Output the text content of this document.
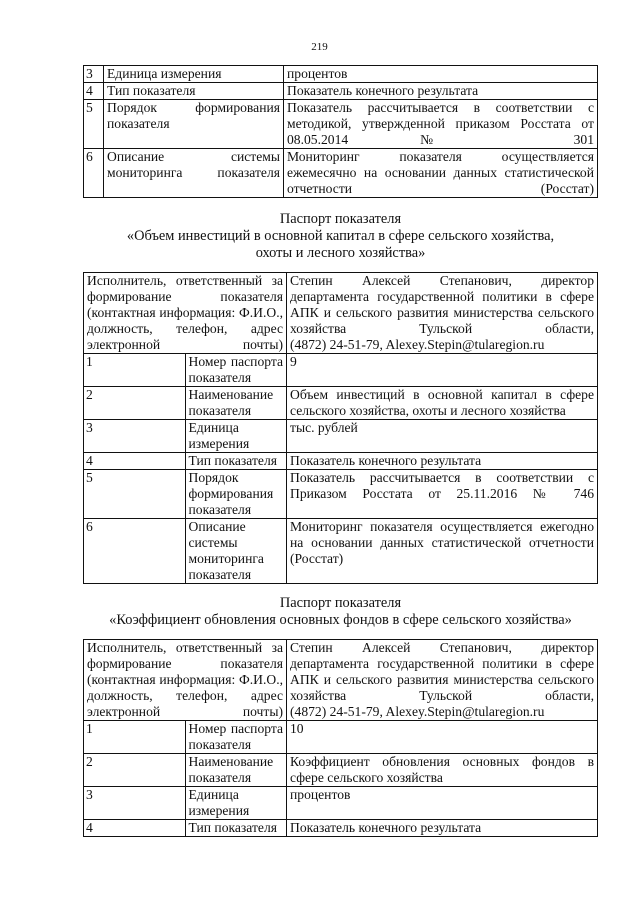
219
3	Единица измерения	процентов
4	Тип показателя	Показатель конечного результата
5	Порядок формирования показателя	Показатель рассчитывается в соответствии с методикой, утвержденной приказом Росстата от 08.05.2014 № 301
6	Описание системы мониторинга показателя	Мониторинг показателя осуществляется ежемесячно на основании данных статистической отчетности (Росстат)
Паспорт показателя
«Объем инвестиций в основной капитал в сфере сельского хозяйства,
охоты и лесного хозяйства»
Исполнитель, ответственный за формирование показателя (контактная информация: Ф.И.О., должность, телефон, адрес электронной почты)		Степин Алексей Степанович, директор департамента государственной политики в сфере АПК и сельского развития министерства сельского хозяйства Тульской области,
(4872) 24-51-79, Alexey.Stepin@tularegion.ru

1	Номер паспорта показателя	9
2	Наименование показателя	Объем инвестиций в основной капитал в сфере сельского хозяйства, охоты и лесного хозяйства
3	Единица измерения	тыс. рублей
4	Тип показателя	Показатель конечного результата
5	Порядок формирования показателя	Показатель рассчитывается в соответствии с Приказом Росстата от 25.11.2016 № 746
6	Описание системы мониторинга показателя	Мониторинг показателя осуществляется ежегодно на основании данных статистической отчетности (Росстат)
Паспорт показателя
«Коэффициент обновления основных фондов в сфере сельского хозяйства»
Исполнитель, ответственный за формирование показателя (контактная информация: Ф.И.О., должность, телефон, адрес электронной почты)		Степин Алексей Степанович, директор департамента государственной политики в сфере АПК и сельского развития министерства сельского хозяйства Тульской области,
(4872) 24-51-79, Alexey.Stepin@tularegion.ru

1	Номер паспорта показателя	10
2	Наименование показателя	Коэффициент обновления основных фондов в сфере сельского хозяйства
3	Единица измерения	процентов
4	Тип показателя	Показатель конечного результата
